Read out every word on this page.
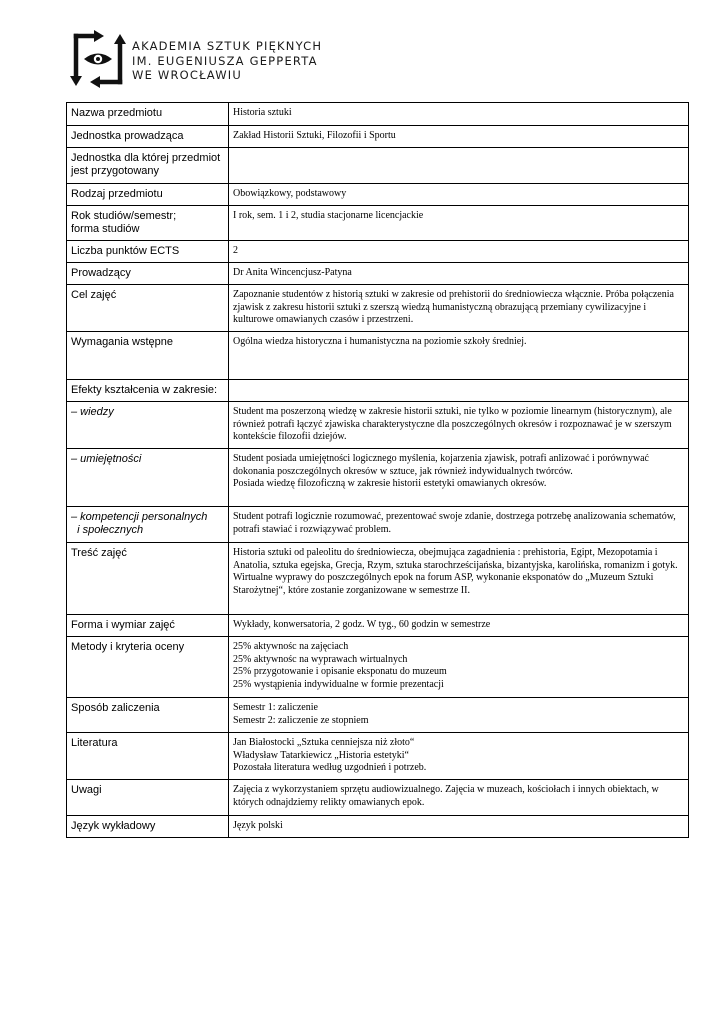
AKADEMIA SZTUK PIĘKNYCH
IM. EUGENIUSZA GEPPERTA
WE WROCŁAWIU
Nazwa przedmiotu	Historia sztuki
Jednostka prowadząca	Zakład Historii Sztuki, Filozofii i Sportu
Jednostka dla której przedmiot jest przygotowany	
Rodzaj przedmiotu	Obowiązkowy, podstawowy
Rok studiów/semestr;
forma studiów	I rok, sem. 1 i 2, studia stacjonarne licencjackie
Liczba punktów ECTS	2
Prowadzący	Dr Anita Wincencjusz-Patyna
Cel zajęć	Zapoznanie studentów z historią sztuki w zakresie od prehistorii do średniowiecza włącznie. Próba połączenia zjawisk z zakresu historii sztuki z szerszą wiedzą humanistyczną obrazującą przemiany cywilizacyjne i kulturowe omawianych czasów i przestrzeni.
Wymagania wstępne	Ogólna wiedza historyczna i humanistyczna na poziomie szkoły średniej.
Efekty kształcenia w zakresie:	
– wiedzy	Student ma poszerzoną wiedzę w zakresie historii sztuki, nie tylko w poziomie linearnym (historycznym), ale również potrafi łączyć zjawiska charakterystyczne dla poszczególnych okresów i rozpoznawać je w szerszym kontekście filozofii dziejów.
– umiejętności	Student posiada umiejętności logicznego myślenia, kojarzenia zjawisk, potrafi anlizować i porównywać dokonania poszczególnych okresów w sztuce, jak również indywidualnych twórców.
Posiada wiedzę filozoficzną w zakresie historii estetyki omawianych okresów.

– kompetencji personalnych
i społecznych	Student potrafi logicznie rozumować, prezentować swoje zdanie, dostrzega potrzebę analizowania schematów, potrafi stawiać i rozwiązywać problem.
Treść zajęć	Historia sztuki od paleolitu do średniowiecza, obejmująca zagadnienia : prehistoria, Egipt, Mezopotamia i Anatolia, sztuka egejska, Grecja, Rzym, sztuka starochrześcijańska, bizantyjska, karolińska, romanizm i gotyk. Wirtualne wyprawy do poszczególnych epok na forum ASP, wykonanie eksponatów do „Muzeum Sztuki Starożytnej“, które zostanie zorganizowane w semestrze II.
Forma i wymiar zajęć	Wykłady, konwersatoria, 2 godz. W tyg., 60 godzin w semestrze
Metody i kryteria oceny	25% aktywnośc na zajęciach
25% aktywnośc na wyprawach wirtualnych
25% przygotowanie i opisanie eksponatu do muzeum
25% wystąpienia indywidualne w formie prezentacji

Sposób zaliczenia	Semestr 1: zaliczenie
Semestr 2: zaliczenie ze stopniem

Literatura	Jan Białostocki „Sztuka cenniejsza niż złoto“
Władysław Tatarkiewicz „Historia estetyki“
Pozostała literatura według uzgodnień i potrzeb.

Uwagi	Zajęcia z wykorzystaniem sprzętu audiowizualnego. Zajęcia w muzeach, kościołach i innych obiektach, w których odnajdziemy relikty omawianych epok.
Język wykładowy	Język polski
